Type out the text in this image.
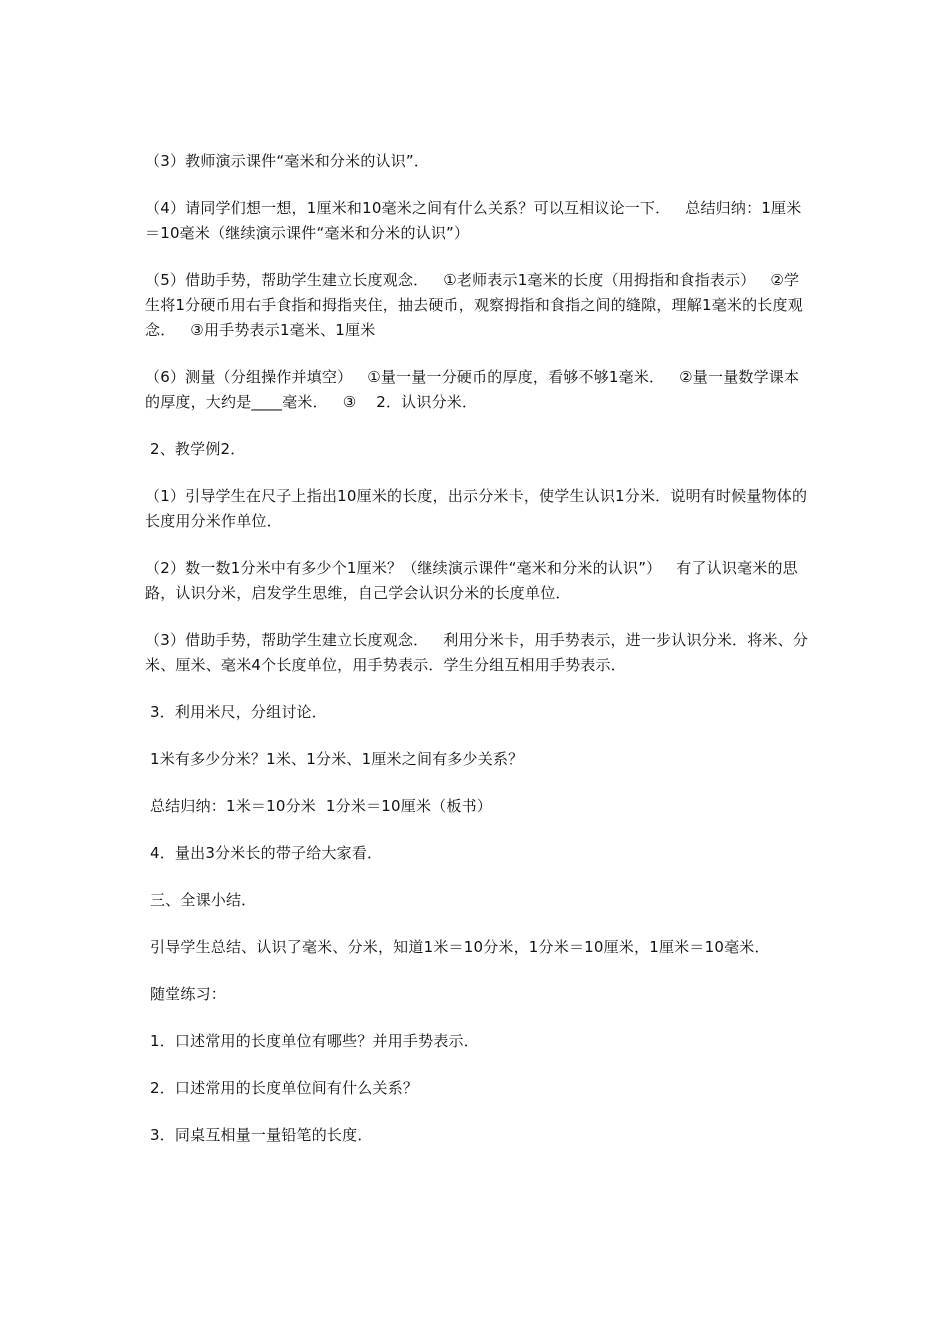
（3）教师演示课件“毫米和分米的认识”．

（4）请同学们想一想，1厘米和10毫米之间有什么关系？可以互相议论一下．   总结归纳：1厘米＝10毫米（继续演示课件“毫米和分米的认识”）

（5）借助手势，帮助学生建立长度观念．   ①老师表示1毫米的长度（用拇指和食指表示）   ②学生将1分硬币用右手食指和拇指夹住，抽去硬币，观察拇指和食指之间的缝隙，理解1毫米的长度观念．   ③用手势表示1毫米、1厘米

（6）测量（分组操作并填空）   ①量一量一分硬币的厚度，看够不够1毫米．   ②量一量数学课本的厚度，大约是____毫米．   ③    2．认识分米．

2、教学例2．

（1）引导学生在尺子上指出10厘米的长度，出示分米卡，使学生认识1分米．说明有时候量物体的长度用分米作单位．

（2）数一数1分米中有多少个1厘米？（继续演示课件“毫米和分米的认识”）   有了认识毫米的思路，认识分米，启发学生思维，自己学会认识分米的长度单位．

（3）借助手势，帮助学生建立长度观念．   利用分米卡，用手势表示，进一步认识分米．将米、分米、厘米、毫米4个长度单位，用手势表示．学生分组互相用手势表示．

3．利用米尺，分组讨论．

1米有多少分米？1米、1分米、1厘米之间有多少关系？

总结归纳：1米＝10分米  1分米＝10厘米（板书）

4．量出3分米长的带子给大家看．

三、全课小结．

引导学生总结、认识了毫米、分米，知道1米＝10分米，1分米＝10厘米，1厘米＝10毫米．

随堂练习：

1．口述常用的长度单位有哪些？并用手势表示．

2．口述常用的长度单位间有什么关系？

3．同桌互相量一量铅笔的长度．
